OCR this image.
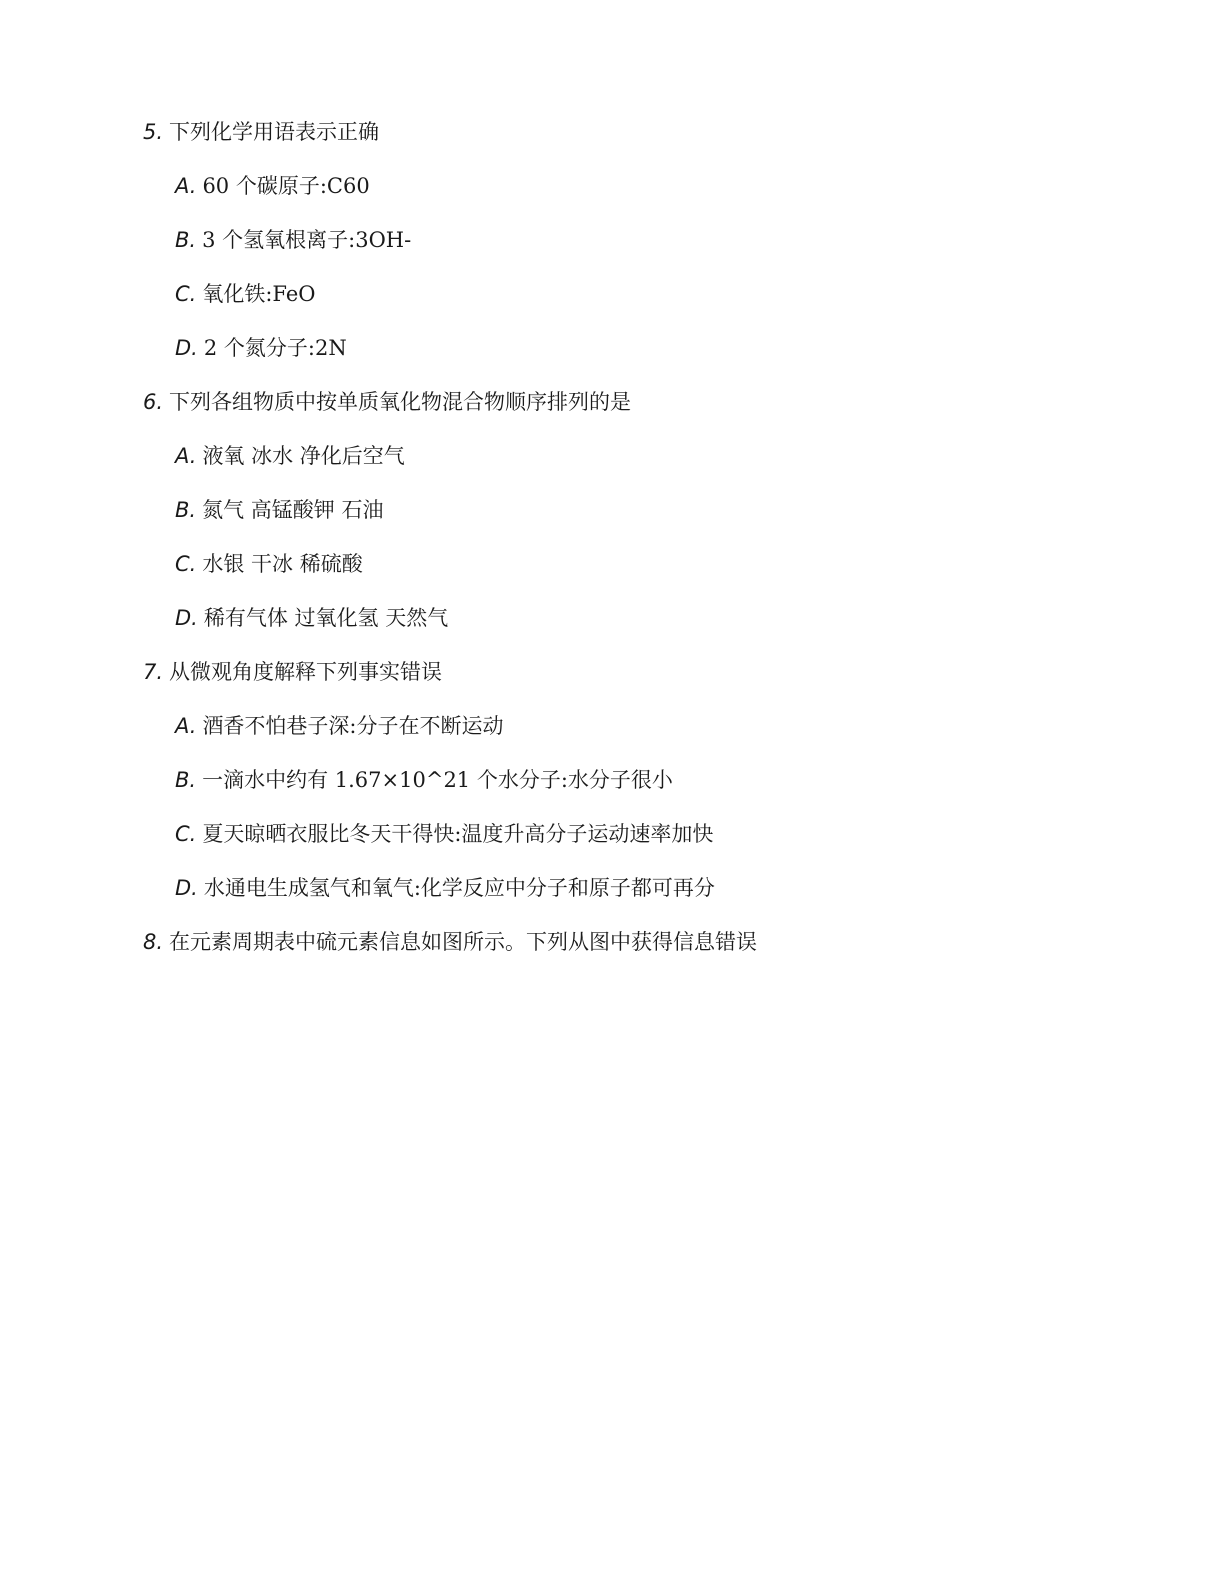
5. 下列化学用语表示正确
A. 60 个碳原子:C60
B. 3 个氢氧根离子:3OH-
C. 氧化铁:FeO
D. 2 个氮分子:2N
6. 下列各组物质中按单质氧化物混合物顺序排列的是
A. 液氧 冰水 净化后空气
B. 氮气 高锰酸钾 石油
C. 水银 干冰 稀硫酸
D. 稀有气体 过氧化氢 天然气
7. 从微观角度解释下列事实错误
A. 酒香不怕巷子深:分子在不断运动
B. 一滴水中约有 1.67×10^21 个水分子:水分子很小
C. 夏天晾晒衣服比冬天干得快:温度升高分子运动速率加快
D. 水通电生成氢气和氧气:化学反应中分子和原子都可再分
8. 在元素周期表中硫元素信息如图所示。下列从图中获得信息错误
